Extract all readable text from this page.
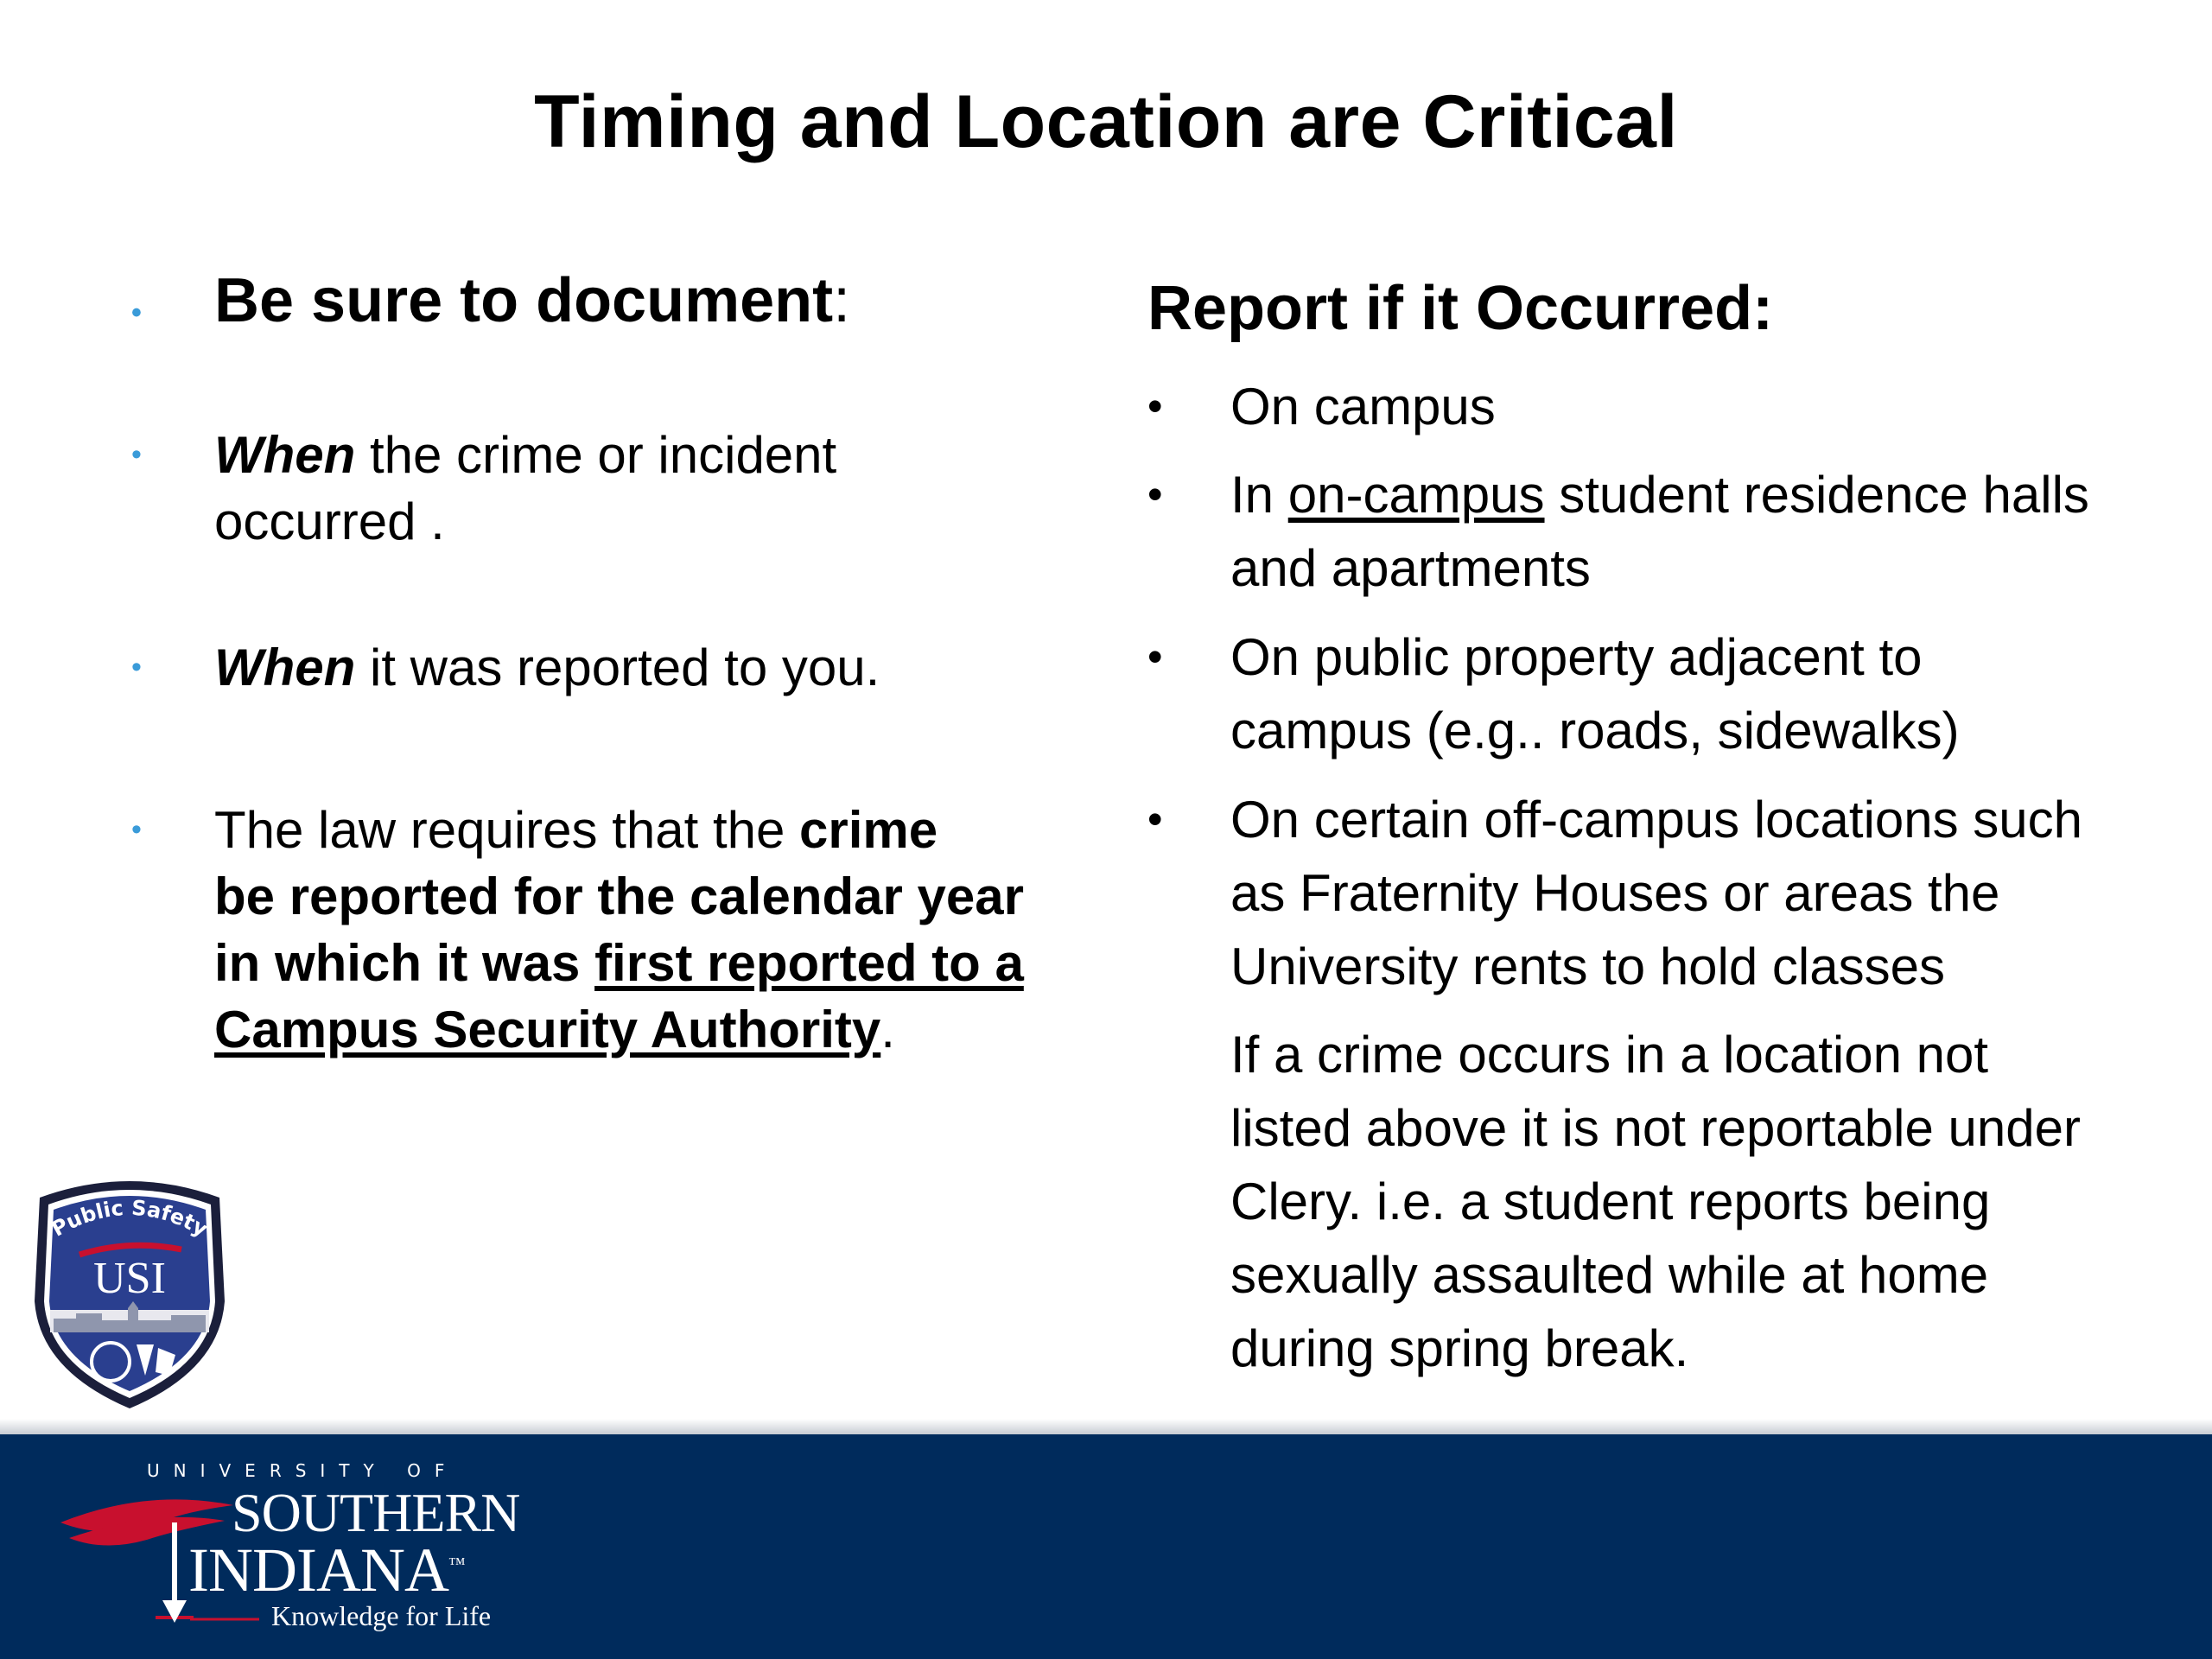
Timing and Location are Critical
• Be sure to document:
•	When the crime or incident
occurred .
•	When it was reported to you.
•	The law requires that the crime
be reported for the calendar year
in which it was first reported to a
Campus Security Authority.
Report if it Occurred:
• On campus
• In on-campus student residence halls
and apartments
• On public property adjacent to
campus (e.g.. roads, sidewalks)
• On certain off-campus locations such
as Fraternity Houses or areas the
University rents to hold classes
If a crime occurs in a location not
listed above it is not reportable under
Clery. i.e. a student reports being
sexually assaulted while at home
during spring break.
Public Safety
USI
UNIVERSITY OF
SOUTHERN
INDIANA™
Knowledge for Life
